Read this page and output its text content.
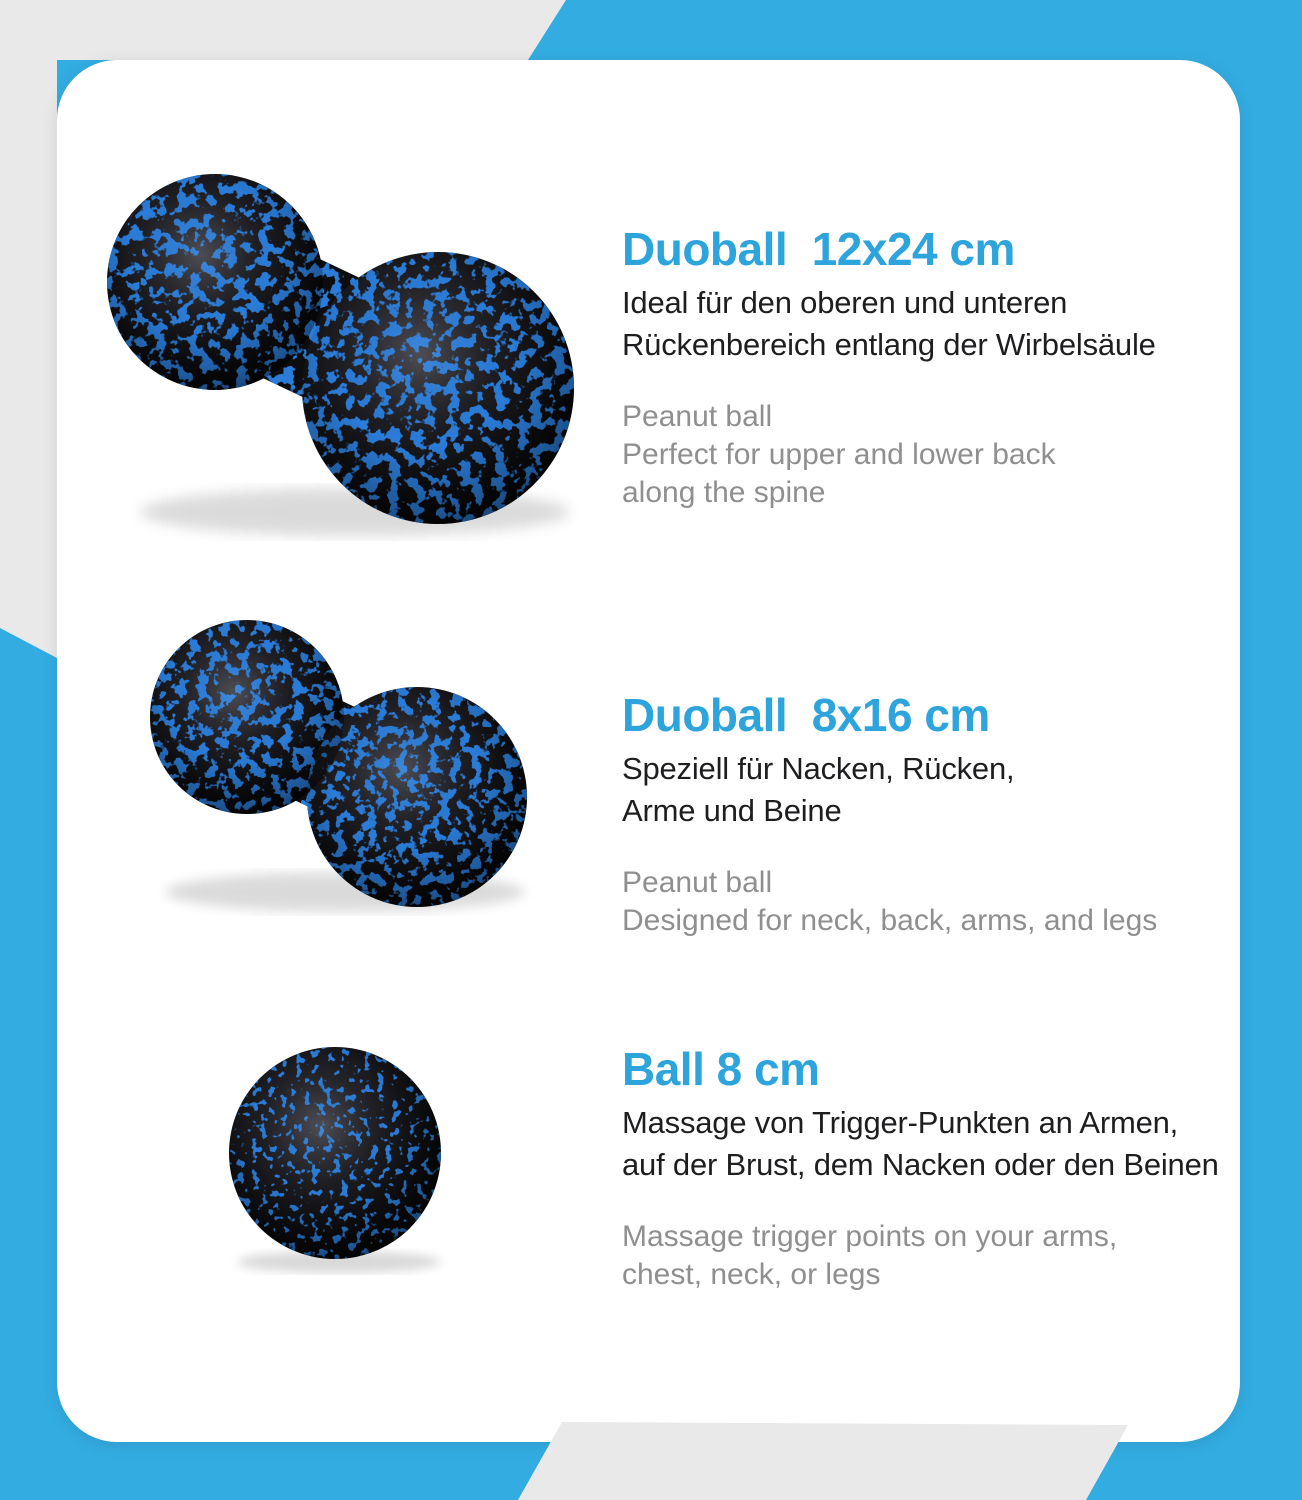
Duoball  12x24 cm
Ideal für den oberen und unteren
Rückenbereich entlang der Wirbelsäule
Peanut ball
Perfect for upper and lower back
along the spine
Duoball  8x16 cm
Speziell für Nacken, Rücken,
Arme und Beine
Peanut ball
Designed for neck, back, arms, and legs
Ball 8 cm
Massage von Trigger-Punkten an Armen,
auf der Brust, dem Nacken oder den Beinen
Massage trigger points on your arms,
chest, neck, or legs
